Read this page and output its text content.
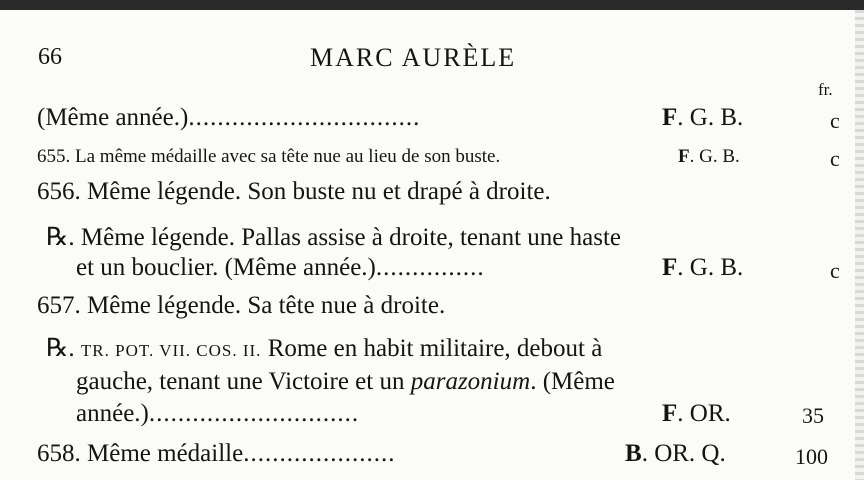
66	MARC AURÈLE
fr.
(Même année.)................................	F. G. B.	c
655. La même médaille avec sa tête nue au lieu de son buste.	F. G. B.	c
656. Même légende. Son buste nu et drapé à droite.
℞. Même légende. Pallas assise à droite, tenant une haste
et un bouclier. (Même année.)...............	F. G. B.	c
657. Même légende. Sa tête nue à droite.
℞. TR. POT. VII. COS. II. Rome en habit militaire, debout à
gauche, tenant une Victoire et un parazonium. (Même
année.).............................	F. OR.	35
658. Même médaille.....................	B. OR. Q.	100
